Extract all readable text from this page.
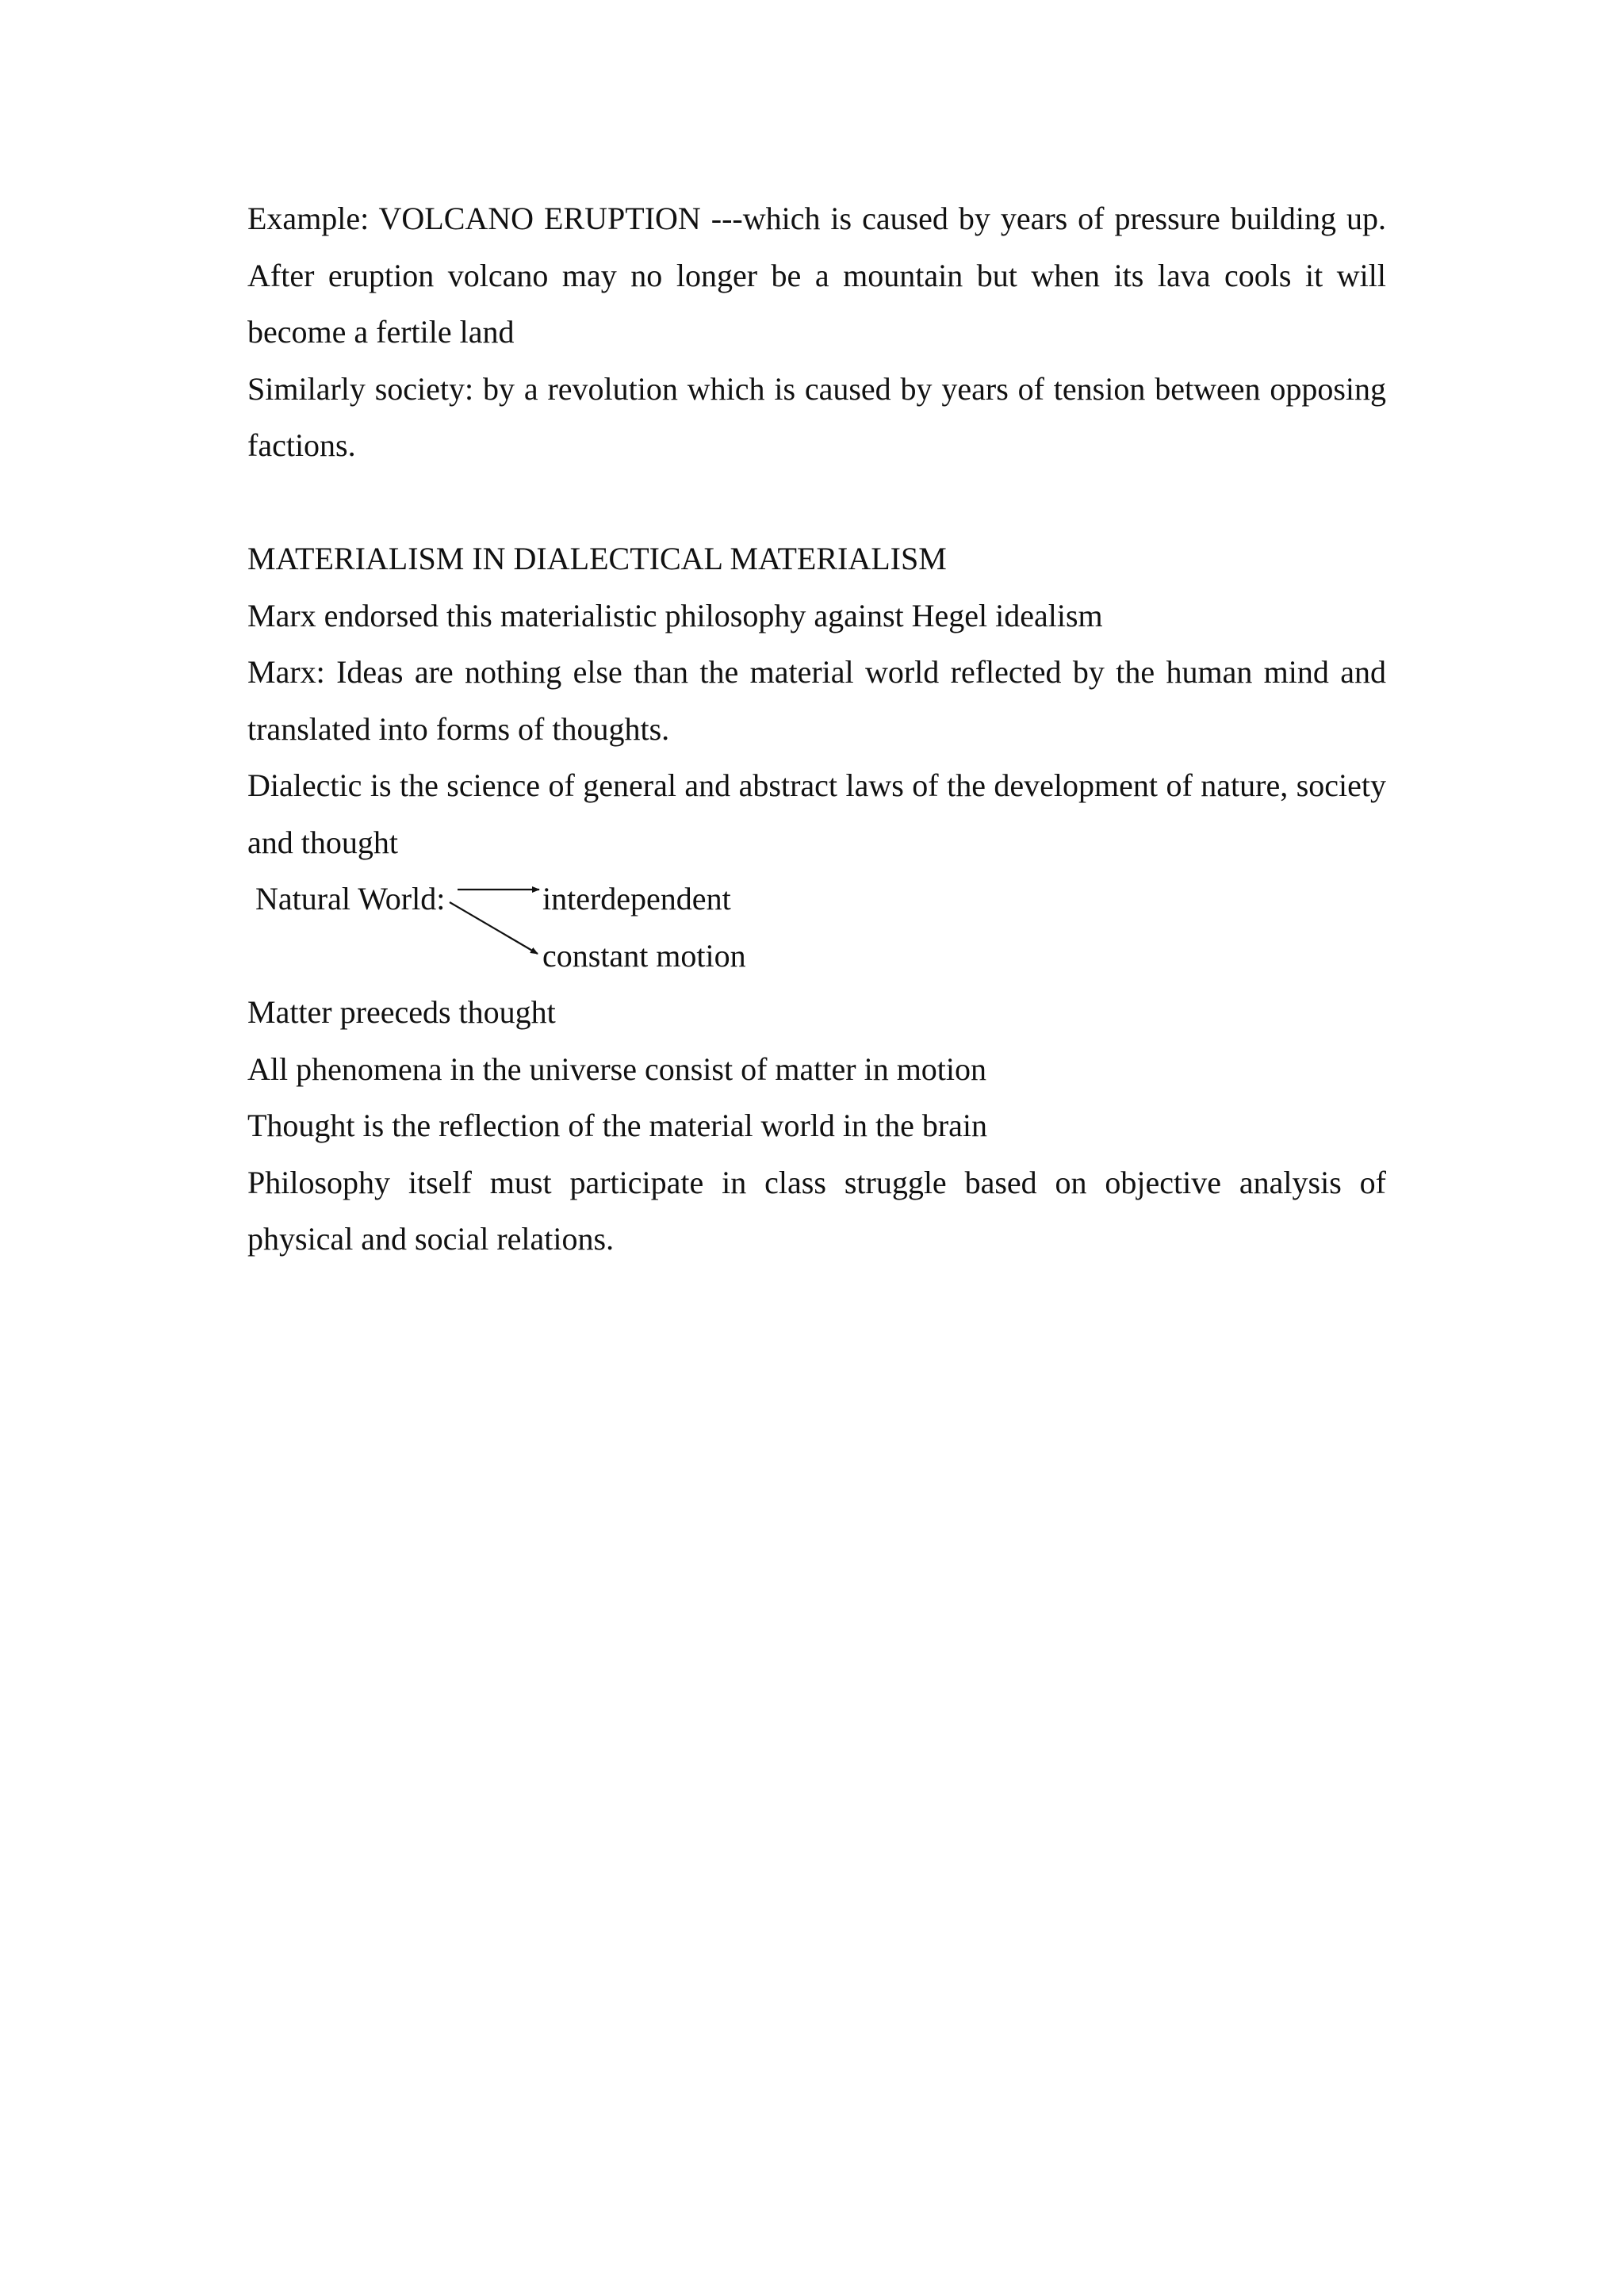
Example: VOLCANO ERUPTION ---which is caused by years of pressure building up. After eruption volcano may no longer be a mountain but when its lava cools it will become a fertile land

Similarly society: by a revolution which is caused by years of tension between opposing factions.

MATERIALISM IN DIALECTICAL MATERIALISM

Marx endorsed this materialistic philosophy against Hegel idealism

Marx: Ideas are nothing else than the material world reflected by the human mind and translated into forms of thoughts.

Dialectic is the science of general and abstract laws of the development of nature, society and thought

Natural World:	interdependent
constant motion

Matter preeceds thought

All phenomena in the universe consist of matter in motion

Thought is the reflection of the material world in the brain

Philosophy itself must participate in class struggle based on objective analysis of physical and social relations.
